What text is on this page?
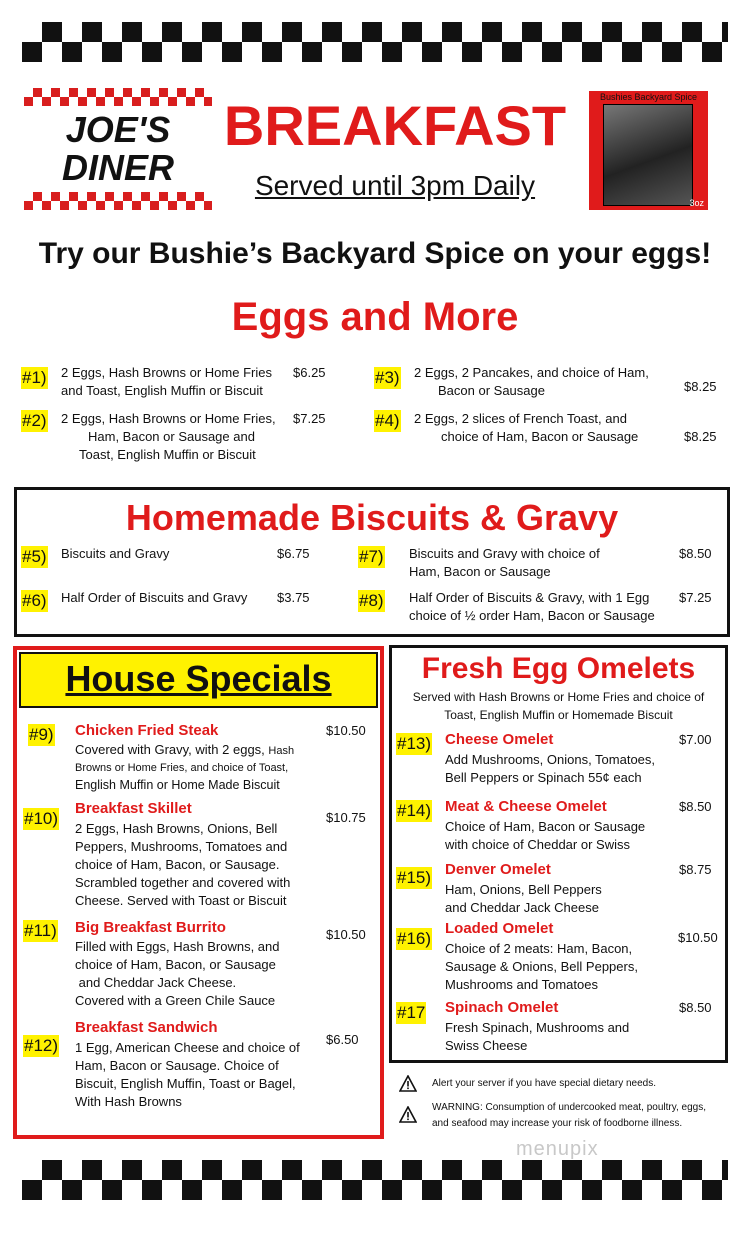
JOE'S
DINER
BREAKFAST
Served until 3pm Daily
Bushies Backyard Spice
3oz
Try our Bushie’s Backyard Spice on your eggs!
Eggs and More
#1) 2 Eggs, Hash Browns or Home Fries
and Toast, English Muffin or Biscuit
$6.25
#2) 2 Eggs, Hash Browns or Home Fries,
Ham, Bacon or Sausage and
Toast, English Muffin or Biscuit
$7.25
#3) 2 Eggs, 2 Pancakes, and choice of Ham,
Bacon or Sausage	$8.25
#4) 2 Eggs, 2 slices of French Toast, and
choice of Ham, Bacon or Sausage	$8.25
Homemade Biscuits & Gravy
#5) Biscuits and Gravy	$6.75
#6) Half Order of Biscuits and Gravy $3.75
#7) Biscuits and Gravy with choice of
Ham, Bacon or Sausage
$8.50
#8) Half Order of Biscuits & Gravy, with 1 Egg
choice of ½ order Ham, Bacon or Sausage
$7.25
House Specials
#9) Chicken Fried Steak	$10.50
Covered with Gravy, with 2 eggs, Hash
Browns or Home Fries, and choice of Toast,
English Muffin or Home Made Biscuit
#10)
Breakfast Skillet
$10.75
2 Eggs, Hash Browns, Onions, Bell
Peppers, Mushrooms, Tomatoes and
choice of Ham, Bacon, or Sausage.
Scrambled together and covered with
Cheese. Served with Toast or Biscuit
#11) Big Breakfast Burrito	$10.50
Filled with Eggs, Hash Browns, and
choice of Ham, Bacon, or Sausage
and Cheddar Jack Cheese.
Covered with a Green Chile Sauce
#12)
Breakfast Sandwich
$6.50
1 Egg, American Cheese and choice of
Ham, Bacon or Sausage. Choice of
Biscuit, English Muffin, Toast or Bagel,
With Hash Browns
Fresh Egg Omelets
Served with Hash Browns or Home Fries and choice of
Toast, English Muffin or Homemade Biscuit
#13) Cheese Omelet	$7.00
Add Mushrooms, Onions, Tomatoes,
Bell Peppers or Spinach 55¢ each
#14) Meat & Cheese Omelet	$8.50
Choice of Ham, Bacon or Sausage
with choice of Cheddar or Swiss
#15) Denver Omelet	$8.75
Ham, Onions, Bell Peppers
and Cheddar Jack Cheese
#16)
Loaded Omelet
$10.50
Choice of 2 meats: Ham, Bacon,
Sausage & Onions, Bell Peppers,
Mushrooms and Tomatoes
#17 Spinach Omelet	$8.50
Fresh Spinach, Mushrooms and
Swiss Cheese
Alert your server if you have special dietary needs.
WARNING: Consumption of undercooked meat, poultry, eggs,
and seafood may increase your risk of foodborne illness.
menupix
